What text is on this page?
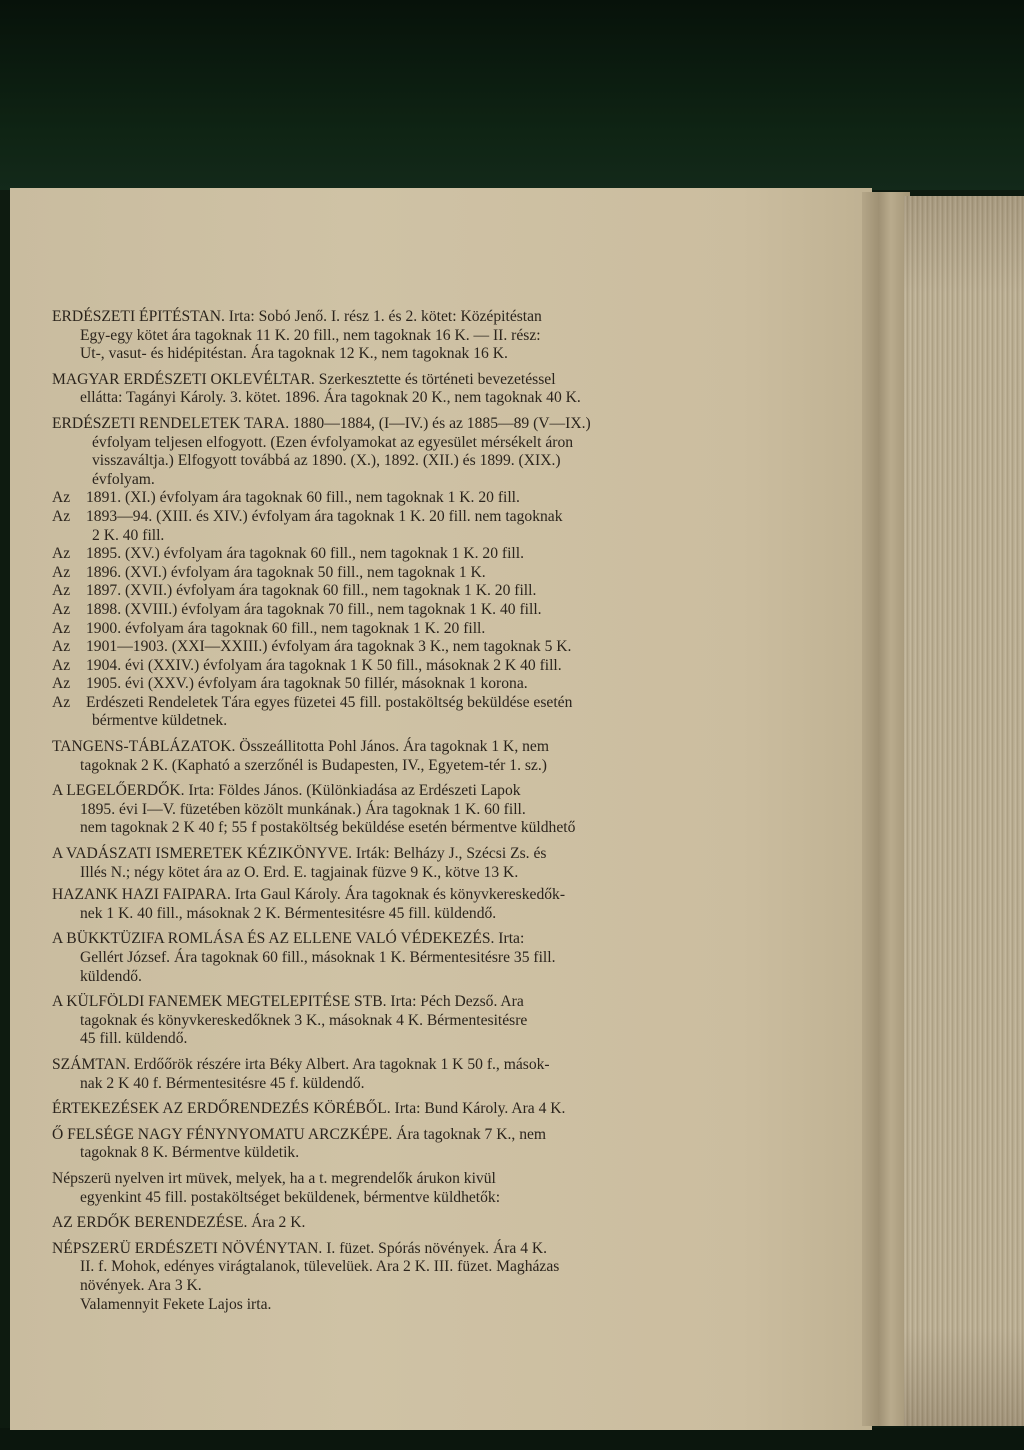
ERDÉSZETI ÉPITÉSTAN. Irta: Sobó Jenő. I. rész 1. és 2. kötet: Középitéstan

Egy-egy kötet ára tagoknak 11 K. 20 fill., nem tagoknak 16 K. — II. rész:

Ut-, vasut- és hidépitéstan. Ára tagoknak 12 K., nem tagoknak 16 K.

MAGYAR ERDÉSZETI OKLEVÉLTAR. Szerkesztette és történeti bevezetéssel

ellátta: Tagányi Károly. 3. kötet. 1896. Ára tagoknak 20 K., nem tagoknak 40 K.

ERDÉSZETI RENDELETEK TARA. 1880—1884, (I—IV.) és az 1885—89 (V—IX.)

évfolyam teljesen elfogyott. (Ezen évfolyamokat az egyesület mérsékelt áron

visszaváltja.) Elfogyott továbbá az 1890. (X.), 1892. (XII.) és 1899. (XIX.)

évfolyam.

Az 1891. (XI.) évfolyam ára tagoknak 60 fill., nem tagoknak 1 K. 20 fill.

Az 1893—94. (XIII. és XIV.) évfolyam ára tagoknak 1 K. 20 fill. nem tagoknak

2 K. 40 fill.

Az 1895. (XV.) évfolyam ára tagoknak 60 fill., nem tagoknak 1 K. 20 fill.

Az 1896. (XVI.) évfolyam ára tagoknak 50 fill., nem tagoknak 1 K.

Az 1897. (XVII.) évfolyam ára tagoknak 60 fill., nem tagoknak 1 K. 20 fill.

Az 1898. (XVIII.) évfolyam ára tagoknak 70 fill., nem tagoknak 1 K. 40 fill.

Az 1900. évfolyam ára tagoknak 60 fill., nem tagoknak 1 K. 20 fill.

Az 1901—1903. (XXI—XXIII.) évfolyam ára tagoknak 3 K., nem tagoknak 5 K.

Az 1904. évi (XXIV.) évfolyam ára tagoknak 1 K 50 fill., másoknak 2 K 40 fill.

Az 1905. évi (XXV.) évfolyam ára tagoknak 50 fillér, másoknak 1 korona.

Az Erdészeti Rendeletek Tára egyes füzetei 45 fill. postaköltség beküldése esetén

bérmentve küldetnek.

TANGENS-TÁBLÁZATOK. Összeállitotta Pohl János. Ára tagoknak 1 K, nem

tagoknak 2 K. (Kapható a szerzőnél is Budapesten, IV., Egyetem-tér 1. sz.)

A LEGELŐERDŐK. Irta: Földes János. (Különkiadása az Erdészeti Lapok

1895. évi I—V. füzetében közölt munkának.) Ára tagoknak 1 K. 60 fill.

nem tagoknak 2 K 40 f; 55 f postaköltség beküldése esetén bérmentve küldhető

A VADÁSZATI ISMERETEK KÉZIKÖNYVE. Irták: Belházy J., Szécsi Zs. és

Illés N.; négy kötet ára az O. Erd. E. tagjainak füzve 9 K., kötve 13 K.

HAZANK HAZI FAIPARA. Irta Gaul Károly. Ára tagoknak és könyvkereskedők-

nek 1 K. 40 fill., másoknak 2 K. Bérmentesitésre 45 fill. küldendő.

A BÜKKTÜZIFA ROMLÁSA ÉS AZ ELLENE VALÓ VÉDEKEZÉS. Irta:

Gellért József. Ára tagoknak 60 fill., másoknak 1 K. Bérmentesitésre 35 fill.

küldendő.

A KÜLFÖLDI FANEMEK MEGTELEPITÉSE STB. Irta: Péch Dezső. Ara

tagoknak és könyvkereskedőknek 3 K., másoknak 4 K. Bérmentesitésre

45 fill. küldendő.

SZÁMTAN. Erdőőrök részére irta Béky Albert. Ara tagoknak 1 K 50 f., mások-

nak 2 K 40 f. Bérmentesitésre 45 f. küldendő.

ÉRTEKEZÉSEK AZ ERDŐRENDEZÉS KÖRÉBŐL. Irta: Bund Károly. Ara 4 K.

Ő FELSÉGE NAGY FÉNYNYOMATU ARCZKÉPE. Ára tagoknak 7 K., nem

tagoknak 8 K. Bérmentve küldetik.

Népszerü nyelven irt müvek, melyek, ha a t. megrendelők árukon kivül

egyenkint 45 fill. postaköltséget beküldenek, bérmentve küldhetők:

AZ ERDŐK BERENDEZÉSE. Ára 2 K.

NÉPSZERÜ ERDÉSZETI NÖVÉNYTAN. I. füzet. Spórás növények. Ára 4 K.

II. f. Mohok, edényes virágtalanok, tülevelüek. Ara 2 K. III. füzet. Magházas

növények. Ara 3 K.

Valamennyit Fekete Lajos irta.
